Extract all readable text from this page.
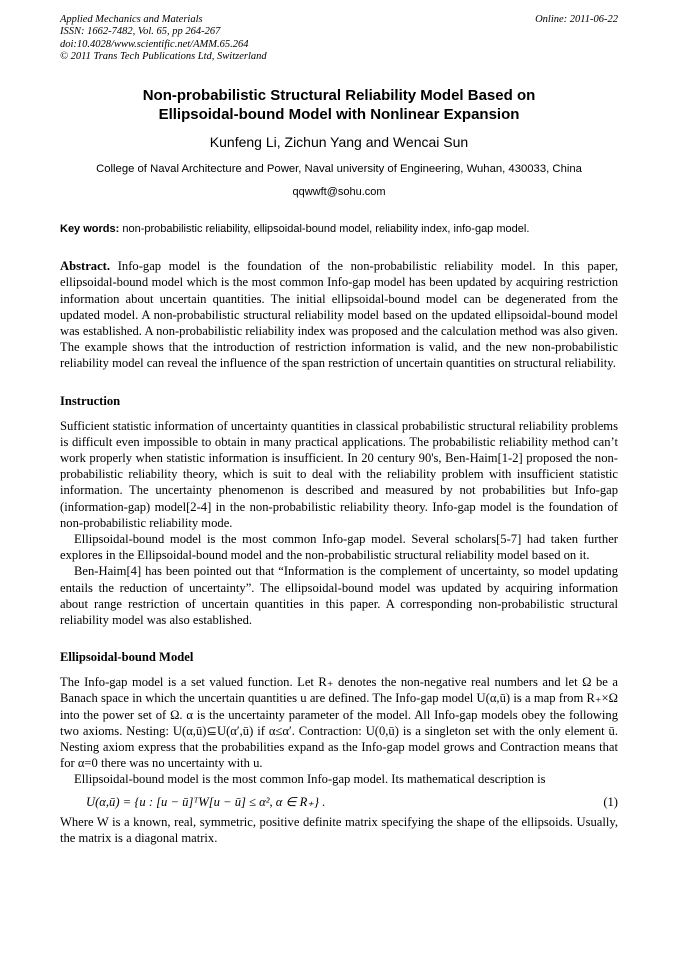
Applied Mechanics and Materials
ISSN: 1662-7482, Vol. 65, pp 264-267
doi:10.4028/www.scientific.net/AMM.65.264
© 2011 Trans Tech Publications Ltd, Switzerland
Online: 2011-06-22
Non-probabilistic Structural Reliability Model Based on
Ellipsoidal-bound Model with Nonlinear Expansion
Kunfeng Li, Zichun Yang and Wencai Sun
College of Naval Architecture and Power, Naval university of Engineering, Wuhan, 430033, China
qqwwft@sohu.com

Key words: non-probabilistic reliability, ellipsoidal-bound model, reliability index, info-gap model.

Abstract. Info-gap model is the foundation of the non-probabilistic reliability model. In this paper, ellipsoidal-bound model which is the most common Info-gap model has been updated by acquiring restriction information about uncertain quantities. The initial ellipsoidal-bound model can be degenerated from the updated model. A non-probabilistic structural reliability model based on the updated ellipsoidal-bound model was established. A non-probabilistic reliability index was proposed and the calculation method was also given. The example shows that the introduction of restriction information is valid, and the new non-probabilistic reliability model can reveal the influence of the span restriction of uncertain quantities on structural reliability.

Instruction

Sufficient statistic information of uncertainty quantities in classical probabilistic structural reliability problems is difficult even impossible to obtain in many practical applications. The probabilistic reliability method can’t work properly when statistic information is insufficient. In 20 century 90's, Ben-Haim[1-2] proposed the non-probabilistic reliability theory, which is suit to deal with the reliability problem with insufficient statistic information. The uncertainty phenomenon is described and measured by not probabilities but Info-gap (information-gap) model[2-4] in the non-probabilistic reliability theory. Info-gap model is the foundation of non-probabilistic reliability mode.

Ellipsoidal-bound model is the most common Info-gap model. Several scholars[5-7] had taken further explores in the Ellipsoidal-bound model and the non-probabilistic structural reliability model based on it.

Ben-Haim[4] has been pointed out that “Information is the complement of uncertainty, so model updating entails the reduction of uncertainty”. The ellipsoidal-bound model was updated by acquiring information about range restriction of uncertain quantities in this paper. A corresponding non-probabilistic structural reliability model was also established.

Ellipsoidal-bound Model

The Info-gap model is a set valued function. Let R₊ denotes the non-negative real numbers and let Ω be a Banach space in which the uncertain quantities u are defined. The Info-gap model U(α,ū) is a map from R₊×Ω into the power set of Ω. α is the uncertainty parameter of the model. All Info-gap models obey the following two axioms. Nesting: U(α,ū)⊆U(α′,ū) if α≤α′. Contraction: U(0,ū) is a singleton set with the only element ū. Nesting axiom express that the probabilities expand as the Info-gap model grows and Contraction means that for α=0 there was no uncertainty with u.

Ellipsoidal-bound model is the most common Info-gap model. Its mathematical description is

U(α,ū) = {u : [u − ū]ᵀW[u − ū] ≤ α², α ∈ R₊} .	(1)

Where W is a known, real, symmetric, positive definite matrix specifying the shape of the ellipsoids. Usually, the matrix is a diagonal matrix.
